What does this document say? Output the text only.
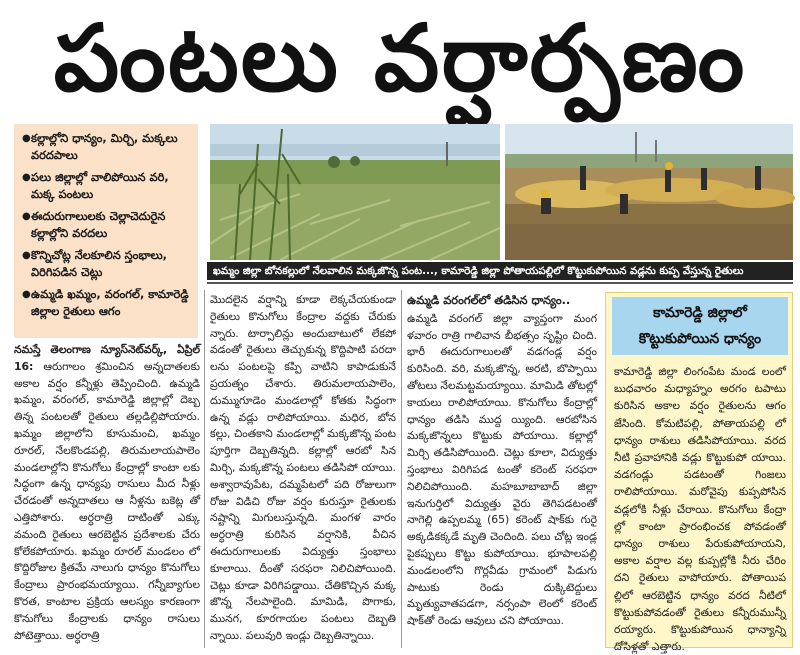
పంటలు వర్షార్పణం
● కల్లాల్లోని ధాన్యం, మిర్చి, మక్కలు వరదపాలు
● పలు జిల్లాల్లో వాలిపోయిన వరి, మక్క పంటలు
● ఈదురుగాలులకు చెల్లాచెదురైన కల్లాల్లోని వరదలు
● కొన్నిచోట్ల నేలకూలిన స్తంభాలు, విరిగిపడిన చెట్లు
● ఉమ్మడి ఖమ్మం, వరంగల్, కామారెడ్డి జిల్లాల రైతులు ఆగం
ఖమ్మం జిల్లా బోనకల్లులో నేలవాలిన మక్కజొన్న పంట..., కామారెడ్డి జిల్లా పోతాయపల్లిలో కొట్టుకుపోయిన వడ్లను కుప్ప వేస్తున్న రైతులు
నమస్తే తెలంగాణ న్యూస్‌నెట్‌వర్క్, ఏప్రిల్ 16: ఆరుగాలం శ్రమించిన అన్నదాతలకు అకాల వర్షం కన్నీళ్లు తెప్పించింది. ఉమ్మడి ఖమ్మం, వరంగల్, కామారెడ్డి జిల్లాల్లో దెబ్బ తిన్న పంటలతో రైతులు తల్లడిల్లిపోయారు. ఖమ్మం జిల్లాలోని కూసుమంచి, ఖమ్మం రూరల్, నేలకొండపల్లి, తిరుమలాయపాలెం మండలాల్లోని కొనుగోలు కేంద్రాల్లో కాంటా లకు సిద్ధంగా ఉన్న ధాన్యపు రాసులు మీద నీళ్లు చేరడంతో అన్నదాతలు ఆ నీళ్లను బకెట్ల తో ఎత్తిపోశారు. అర్ధరాత్రి దాటింతో ఎక్కు వమంది రైతులు ఆరబెట్టిన ప్రదేశాలకు చేరు కోలేకపోయారు. ఖమ్మం రూరల్ మండలం లో కొద్దిరోజుల క్రితమే నాలుగు ధాన్యం కొనుగోలు కేంద్రాలు ప్రారంభమయ్యాయి. గన్నీబ్యాగుల కొరత, కాంటాల ప్రక్రియ ఆలస్యం కారణంగా కొనుగోలు కేంద్రాలకు ధాన్యం రాసులు పోటెత్తాయి. అర్ధరాత్రి
మొదలైన వర్షాన్ని కూడా లెక్కచేయకుండా రైతులు కొనుగోలు కేంద్రాల వద్దకు చేరుకు న్నారు. టార్పాలిన్లు అందుబాటులో లేకపో వడంతో రైతులు తెచ్చుకున్న కొద్దిపాటి పరదా లను పంటలపై కప్పి వాటిని కాపాడుకునే ప్రయత్నం చేశారు. తిరుమలాయపాలెం, దుమ్ముగూడెం మండలాల్లో కోతకు సిద్ధంగా ఉన్న వడ్లు రాలిపోయాయి. మధిర, బోన కల్లు, చింతకాని మండలాల్లో మక్కజొన్న పంట పూర్తిగా దెబ్బతిన్నది. కల్లాల్లో ఆరబో సిన మిర్చి, మక్కజొన్న పంటలు తడిసిపో యాయి. అశ్వారావుపేట, దమ్మపేటలో పది రోజులుగా రోజు విడిచి రోజు వర్షం కురుస్తూ రైతులకు నష్టాన్ని మిగులుస్తున్నది. మంగళ వారం అర్ధరాత్రి కురిసిన వర్షానికి, వీచిన ఈదురుగాలులకు విద్యుత్తు స్తంభాలు కూలాయి. దీంతో సరఫరా నిలిచిపోయింది. చెట్లు కూడా విరిగిపడ్డాయి. చేతికొచ్చిన మక్క జొన్న నేలపాలైంది. మామిడి, పొగాకు, మునగ, కూరగాయల పంటలు దెబ్బతి న్నాయి. పలువురి ఇండ్లు దెబ్బతిన్నాయి.
ఉమ్మడి వరంగల్‌లో తడిసిన ధాన్యం..
ఉమ్మడి వరంగల్ జిల్లా వ్యాప్తంగా మంగ ళవారం రాత్రి గాలివాన బీభత్సం సృష్టిం చింది. భారీ ఈదురుగాలులతో వడగండ్ల వర్షం కురిసింది. వరి, మక్కజొన్న, అరటి, బొప్పాయి తోటలు నేలమట్టమయ్యాయి. మామిడి తోటల్లో కాయలు రాలిపోయాయి. కొనుగోలు కేంద్రాల్లో ధాన్యం తడిసి ముద్ద య్యింది. ఆరబోసిన మక్కజొన్నలు కొట్టుకు పోయాయి. కల్లాల్లో మిర్చి తడిసిపోయింది. చెట్లు కూలా, విద్యుత్తు స్తంభాలు విరిగిపడ టంతో కరెంట్ సరఫరా నిలిచిపోయింది. మహబూబాబాద్ జిల్లా ఇనుగుర్తిలో విద్యుత్తు వైరు తెగిపడటంతో నాగెల్లి ఉప్పలమ్మ (65) కరెంట్ షాక్‌కు గురై అక్కడికక్కడే మృతి చెందింది. పలు చోట్ల ఇండ్ల పైకప్పులు కొట్టు కుపోయాయి. భూపాలపల్లి మండలంలోని గొర్లవీడు గ్రామంలో పిడుగు పాటుకు రెండు దుక్కిటెద్దులు మృత్యువాతపడగా, నర్సంపా లెంలో కరెంట్ షాక్‌తో రెండు ఆవులు చని పోయాయి.
కామారెడ్డి జిల్లాలో కొట్టుకుపోయిన ధాన్యం
కామారెడ్డి జిల్లా లింగంపేట మండ లంలో బుధవారం మధ్యాహ్నం అరగం టపాటు కురిసిన అకాల వర్షం రైతులను ఆగం జేసింది. కోమటిపల్లి, పోతాయపల్లి లో ధాన్యం రాశులు తడిసిపోయాయి. వరద నీటి ప్రవాహానికి వడ్లు కొట్టుకుపో యాయి. వడగండ్లు పడటంతో గింజలు రాలిపోయాయి. మరోవైపు కుప్పపోసిన వడ్లలోకి నీళ్లు చేరాయి. కొనుగోలు కేంద్రా ల్లో కాంటా ప్రారంభించక పోవడంతో ధాన్యం రాశులు పేరుకుపోయాయని, అకాల వర్షాల వల్ల కుప్పల్లోకి నీరు చేరిం దని రైతులు వాపోయారు. పోతాయిప ల్లిలో ఆరబెట్టిన ధాన్యం వరద నీటిలో కొట్టుకుపోవడంతో రైతులు కన్నీరుమున్నీ రయ్యారు. కొట్టుకుపోయిన ధాన్యాన్ని దోసిళ్లతో ఎత్తారు.
